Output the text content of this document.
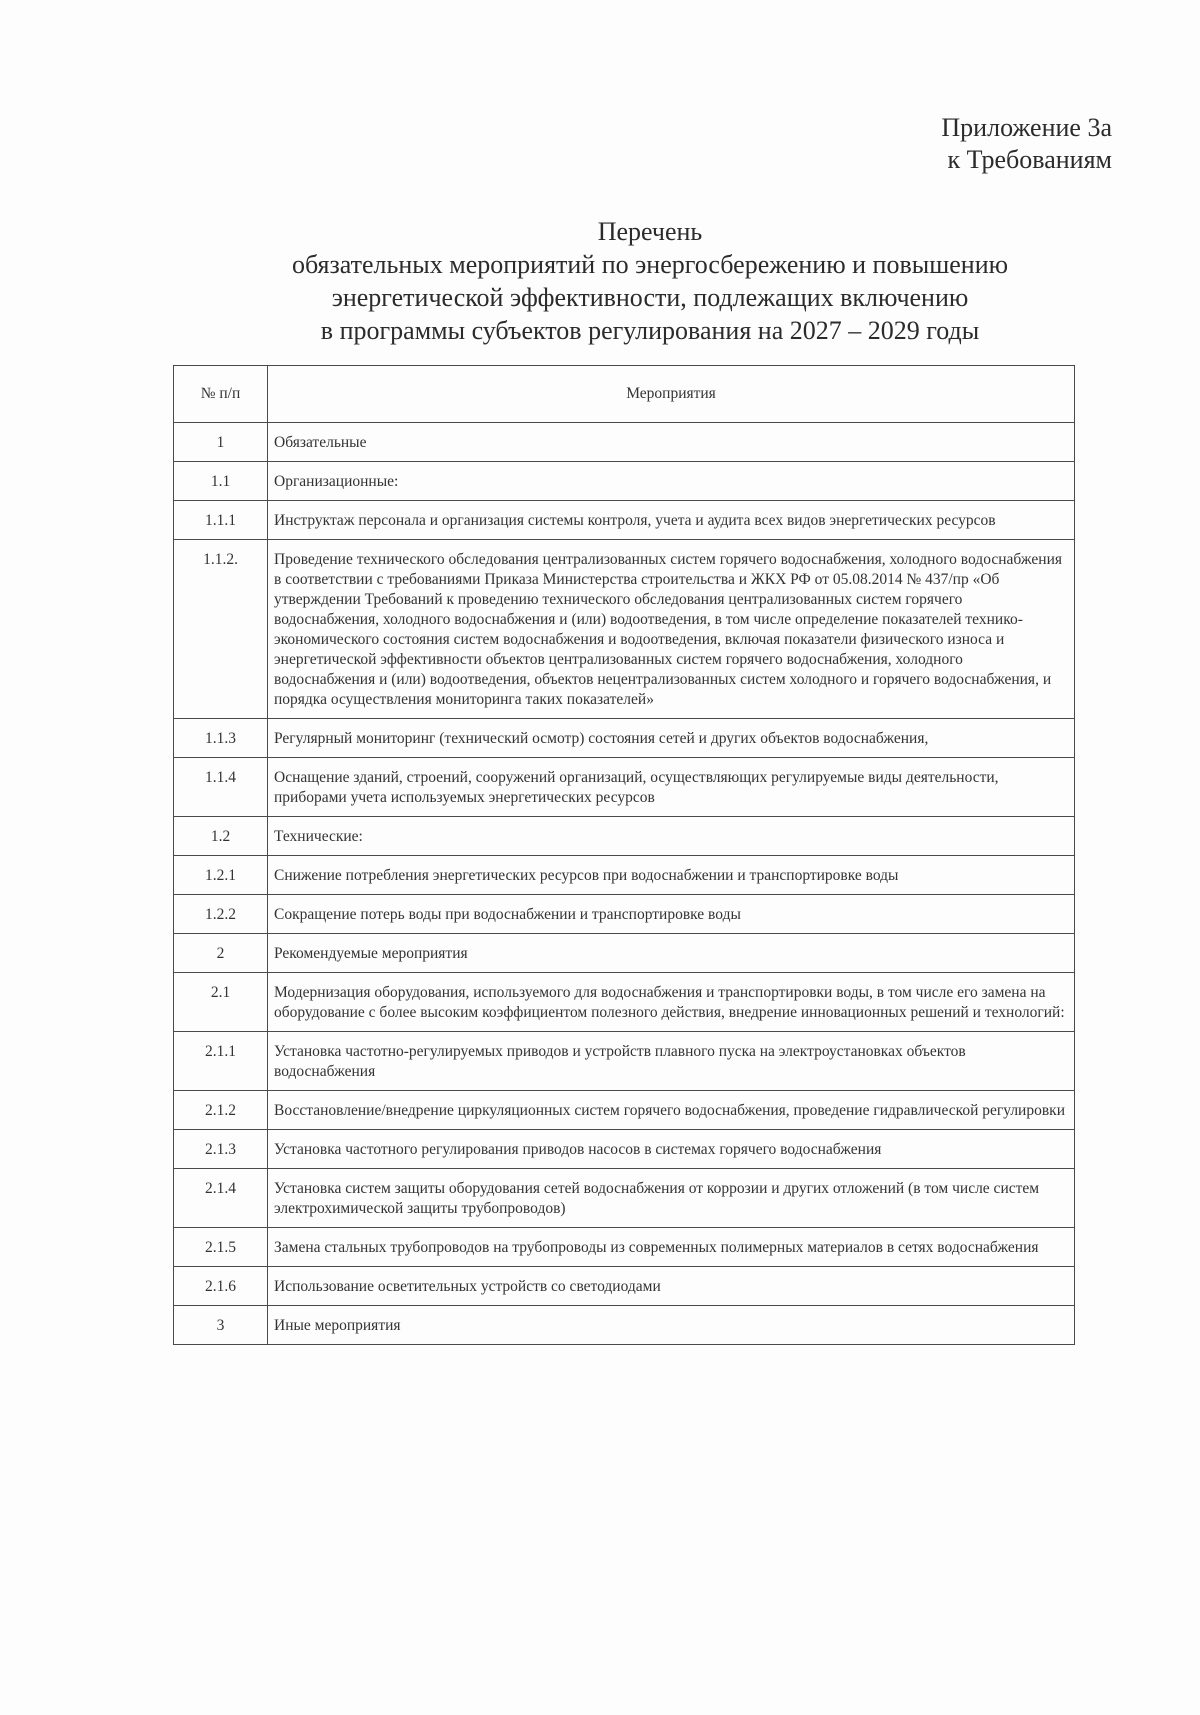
Приложение 3а
к Требованиям
Перечень
обязательных мероприятий по энергосбережению и повышению
энергетической эффективности, подлежащих включению
в программы субъектов регулирования на 2027 – 2029 годы
№ п/п	Мероприятия
1	Обязательные
1.1	Организационные:
1.1.1	Инструктаж персонала и организация системы контроля, учета и аудита всех видов энергетических ресурсов
1.1.2.	Проведение технического обследования централизованных систем горячего водоснабжения, холодного водоснабжения в соответствии с требованиями Приказа Министерства строительства и ЖКХ РФ от 05.08.2014 № 437/пр «Об утверждении Требований к проведению технического обследования централизованных систем горячего водоснабжения, холодного водоснабжения и (или) водоотведения, в том числе определение показателей технико-экономического состояния систем водоснабжения и водоотведения, включая показатели физического износа и энергетической эффективности объектов централизованных систем горячего водоснабжения, холодного водоснабжения и (или) водоотведения, объектов нецентрализованных систем холодного и горячего водоснабжения, и порядка осуществления мониторинга таких показателей»
1.1.3	Регулярный мониторинг (технический осмотр) состояния сетей и других объектов водоснабжения,
1.1.4	Оснащение зданий, строений, сооружений организаций, осуществляющих регулируемые виды деятельности, приборами учета используемых энергетических ресурсов
1.2	Технические:
1.2.1	Снижение потребления энергетических ресурсов при водоснабжении и транспортировке воды
1.2.2	Сокращение потерь воды при водоснабжении и транспортировке воды
2	Рекомендуемые мероприятия
2.1	Модернизация оборудования, используемого для водоснабжения и транспортировки воды, в том числе его замена на оборудование с более высоким коэффициентом полезного действия, внедрение инновационных решений и технологий:
2.1.1	Установка частотно-регулируемых приводов и устройств плавного пуска на электроустановках объектов водоснабжения
2.1.2	Восстановление/внедрение циркуляционных систем горячего водоснабжения, проведение гидравлической регулировки
2.1.3	Установка частотного регулирования приводов насосов в системах горячего водоснабжения
2.1.4	Установка систем защиты оборудования сетей водоснабжения от коррозии и других отложений (в том числе систем электрохимической защиты трубопроводов)
2.1.5	Замена стальных трубопроводов на трубопроводы из современных полимерных материалов в сетях водоснабжения
2.1.6	Использование осветительных устройств со светодиодами
3	Иные мероприятия
